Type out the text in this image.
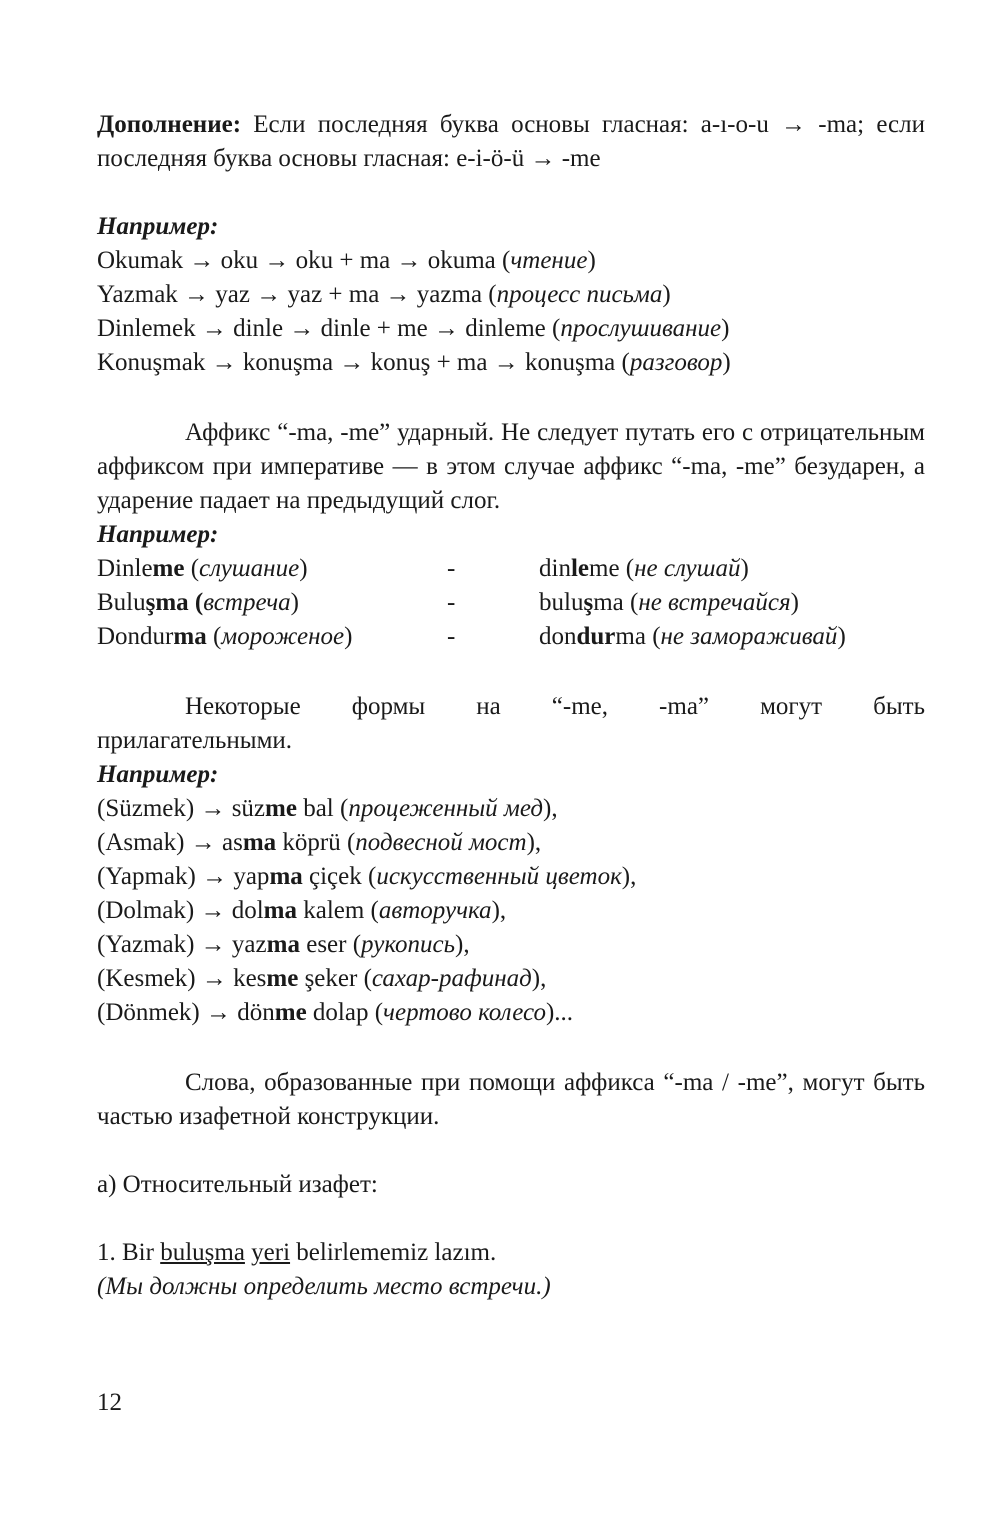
Дополнение: Если последняя буква основы гласная: a-ı-o-u → -ma; если последняя буква основы гласная: e-i-ö-ü → -me

Например:

Okumak → oku → oku + ma → okuma (чтение)
Yazmak → yaz → yaz + ma → yazma (процесс письма)
Dinlemek → dinle → dinle + me → dinleme (прослушивание)
Konuşmak → konuşma → konuş + ma → konuşma (разговор)

Аффикс “-ma, -me” ударный. Не следует путать его с отрицательным аффиксом при императиве — в этом случае аффикс “-ma, -me” безударен, а ударение падает на предыдущий слог.

Например:

Dinleme (слушание)	-	dinleme (не слушай)
Buluşma (встреча)	-	buluşma (не встречайся)
Dondurma (мороженое)	-	dondurma (не замораживай)
Некоторые формы на “-me, -ma” могут быть
прилагательными.

Например:

(Süzmek) → süzme bal (процеженный мед),
(Asmak) → asma köprü (подвесной мост),
(Yapmak) → yapma çiçek (искусственный цветок),
(Dolmak) → dolma kalem (авторучка),
(Yazmak) → yazma eser (рукопись),
(Kesmek) → kesme şeker (сахар-рафинад),
(Dönmek) → dönme dolap (чертово колесо)...

Слова, образованные при помощи аффикса “-ma / -me”, могут быть частью изафетной конструкции.

a) Относительный изафет:

1. Bir buluşma yeri belirlememiz lazım.

(Мы должны определить место встречи.)

12
